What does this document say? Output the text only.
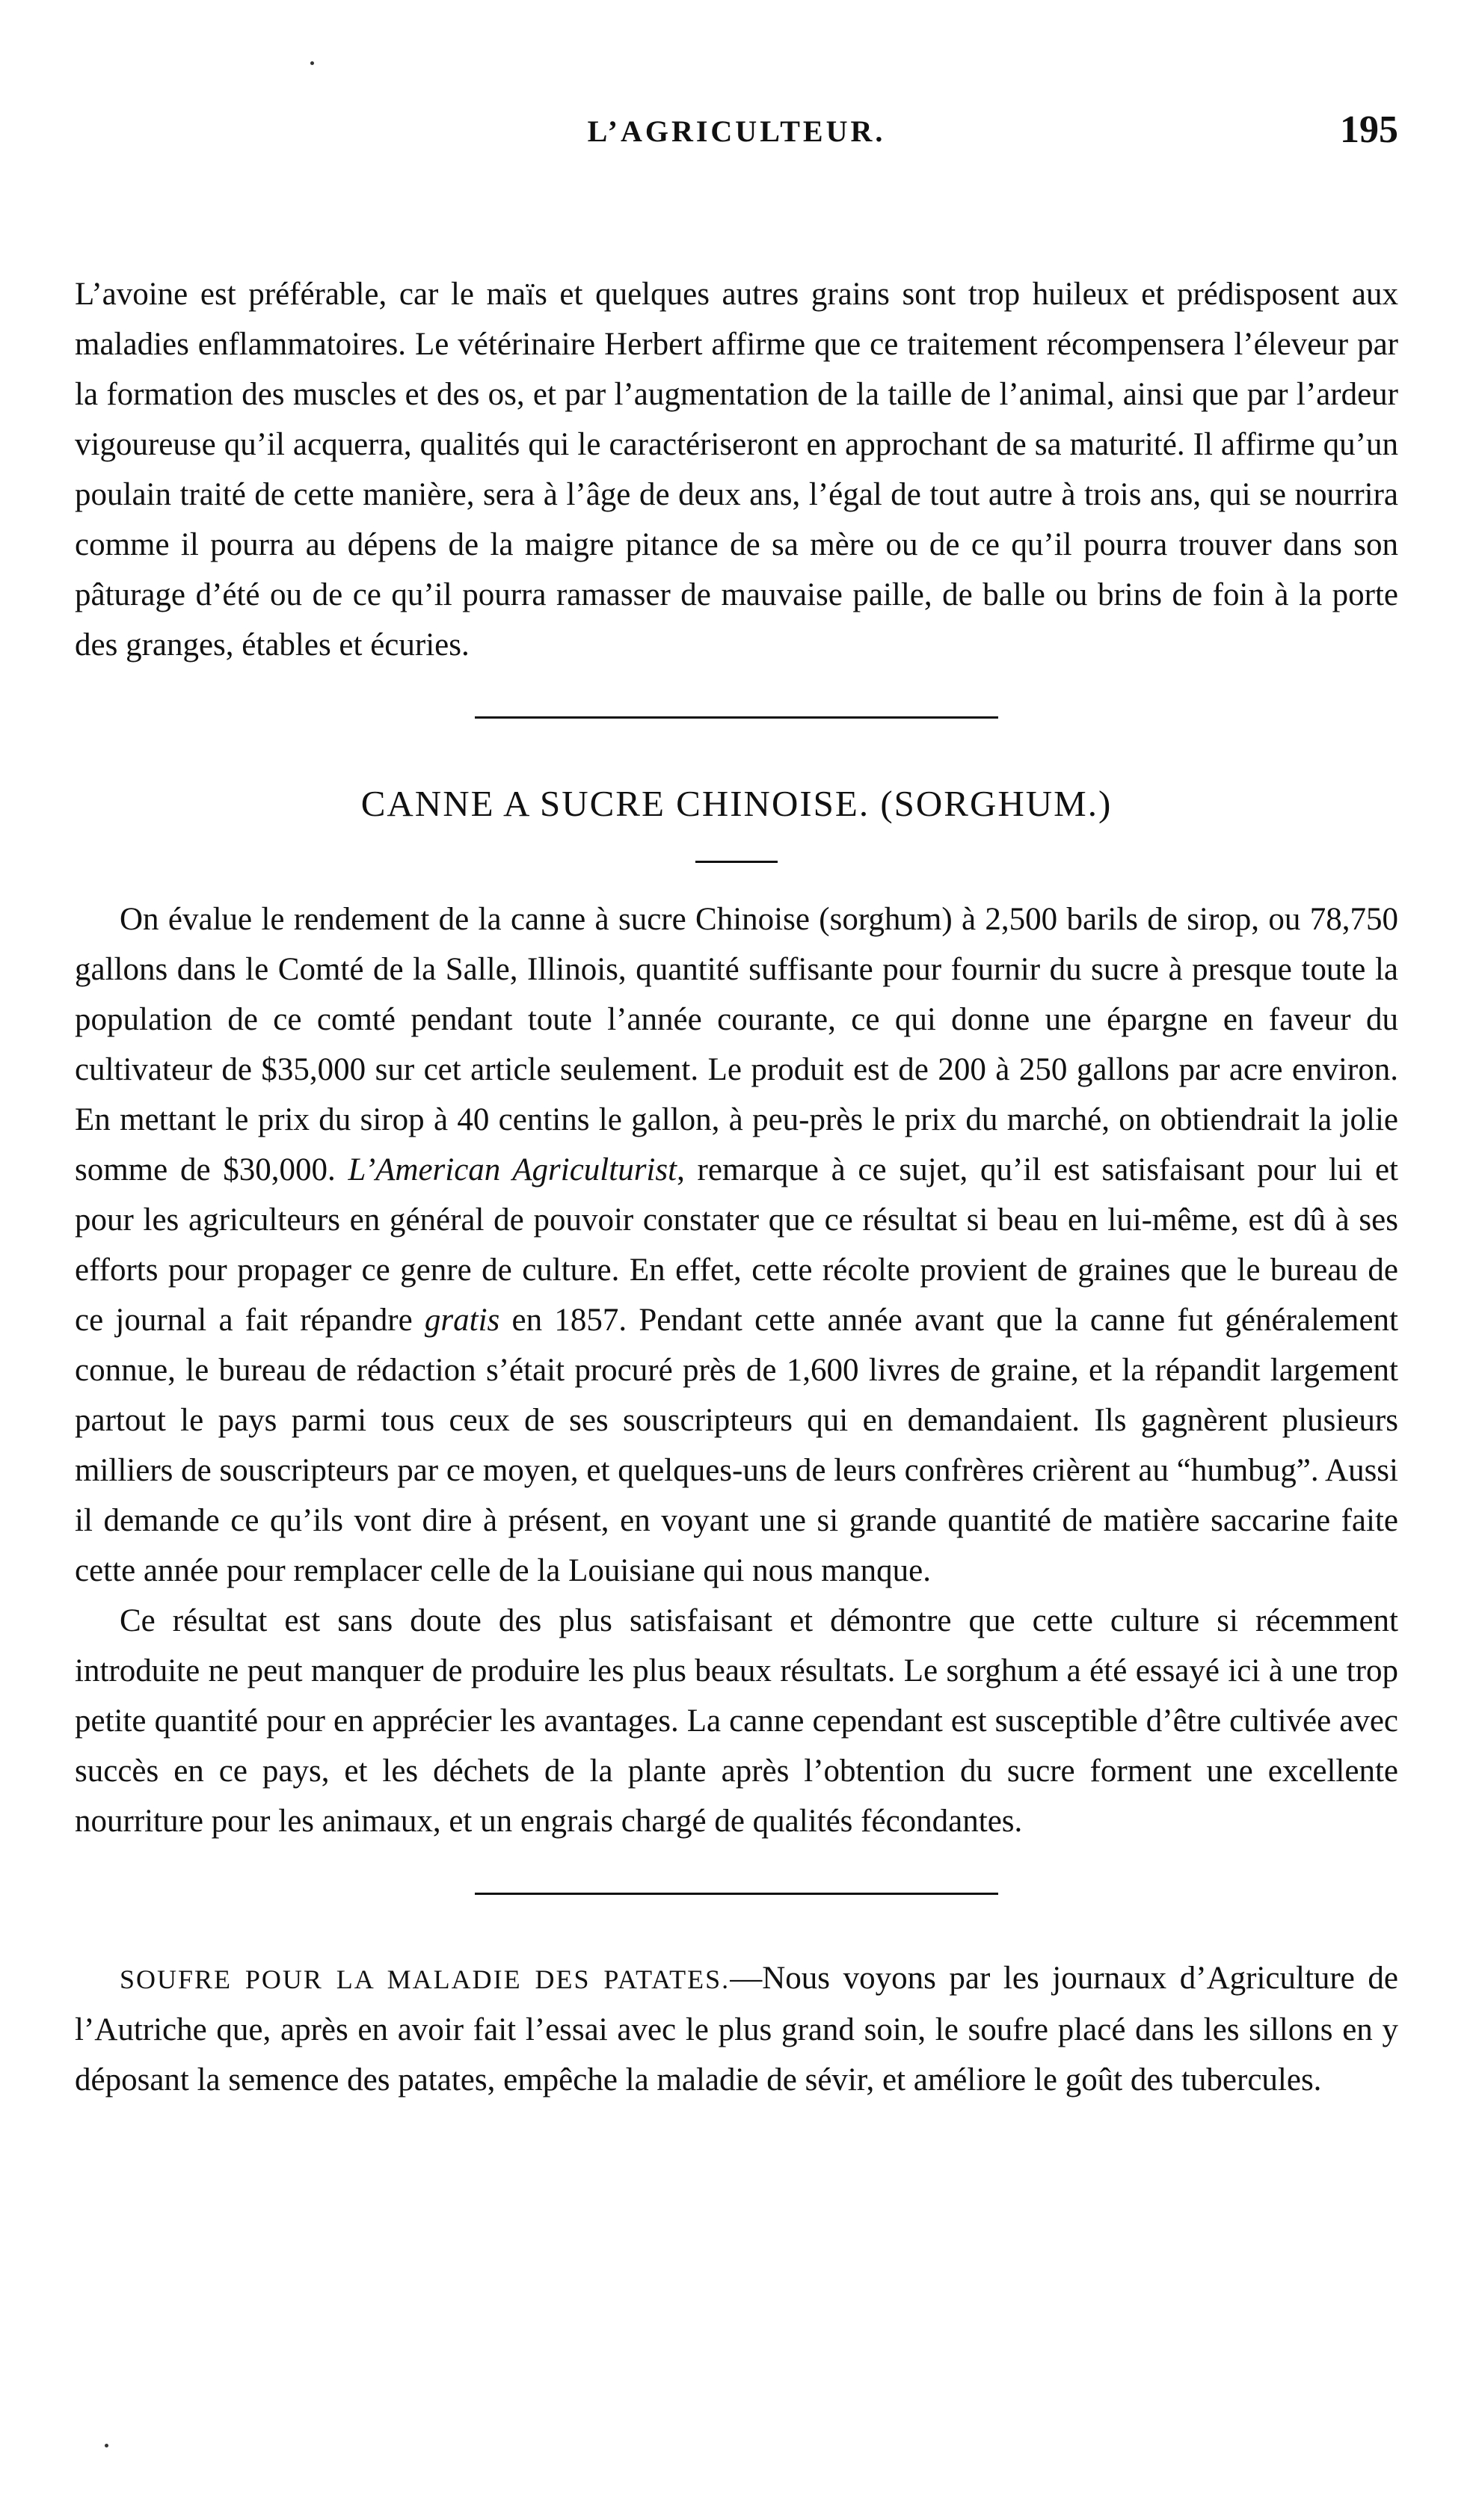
L’AGRICULTEUR.	195

L’avoine est préférable, car le maïs et quelques autres grains sont trop huileux et prédisposent aux maladies enflammatoires. Le vétérinaire Herbert affirme que ce traitement récompensera l’éleveur par la formation des muscles et des os, et par l’augmentation de la taille de l’animal, ainsi que par l’ardeur vigoureuse qu’il acquerra, qualités qui le caractériseront en approchant de sa maturité. Il affirme qu’un poulain traité de cette manière, sera à l’âge de deux ans, l’égal de tout autre à trois ans, qui se nourrira comme il pourra au dépens de la maigre pitance de sa mère ou de ce qu’il pourra trouver dans son pâturage d’été ou de ce qu’il pourra ramasser de mauvaise paille, de balle ou brins de foin à la porte des granges, étables et écuries.

CANNE A SUCRE CHINOISE. (SORGHUM.)

On évalue le rendement de la canne à sucre Chinoise (sorghum) à 2,500 barils de sirop, ou 78,750 gallons dans le Comté de la Salle, Illinois, quantité suffisante pour fournir du sucre à presque toute la population de ce comté pendant toute l’année courante, ce qui donne une épargne en faveur du cultivateur de $35,000 sur cet article seulement. Le produit est de 200 à 250 gallons par acre environ. En mettant le prix du sirop à 40 centins le gallon, à peu-près le prix du marché, on obtiendrait la jolie somme de $30,000. L’American Agriculturist, remarque à ce sujet, qu’il est satisfaisant pour lui et pour les agriculteurs en général de pouvoir constater que ce résultat si beau en lui-même, est dû à ses efforts pour propager ce genre de culture. En effet, cette récolte provient de graines que le bureau de ce journal a fait répandre gratis en 1857. Pendant cette année avant que la canne fut généralement connue, le bureau de rédaction s’était procuré près de 1,600 livres de graine, et la répandit largement partout le pays parmi tous ceux de ses souscripteurs qui en demandaient. Ils gagnèrent plusieurs milliers de souscripteurs par ce moyen, et quelques-uns de leurs confrères crièrent au “humbug”. Aussi il demande ce qu’ils vont dire à présent, en voyant une si grande quantité de matière saccarine faite cette année pour remplacer celle de la Louisiane qui nous manque.

Ce résultat est sans doute des plus satisfaisant et démontre que cette culture si récemment introduite ne peut manquer de produire les plus beaux résultats. Le sorghum a été essayé ici à une trop petite quantité pour en apprécier les avantages. La canne cependant est susceptible d’être cultivée avec succès en ce pays, et les déchets de la plante après l’obtention du sucre forment une excellente nourriture pour les animaux, et un engrais chargé de qualités fécondantes.

SOUFRE POUR LA MALADIE DES PATATES.—Nous voyons par les journaux d’Agriculture de l’Autriche que, après en avoir fait l’essai avec le plus grand soin, le soufre placé dans les sillons en y déposant la semence des patates, empêche la maladie de sévir, et améliore le goût des tubercules.
